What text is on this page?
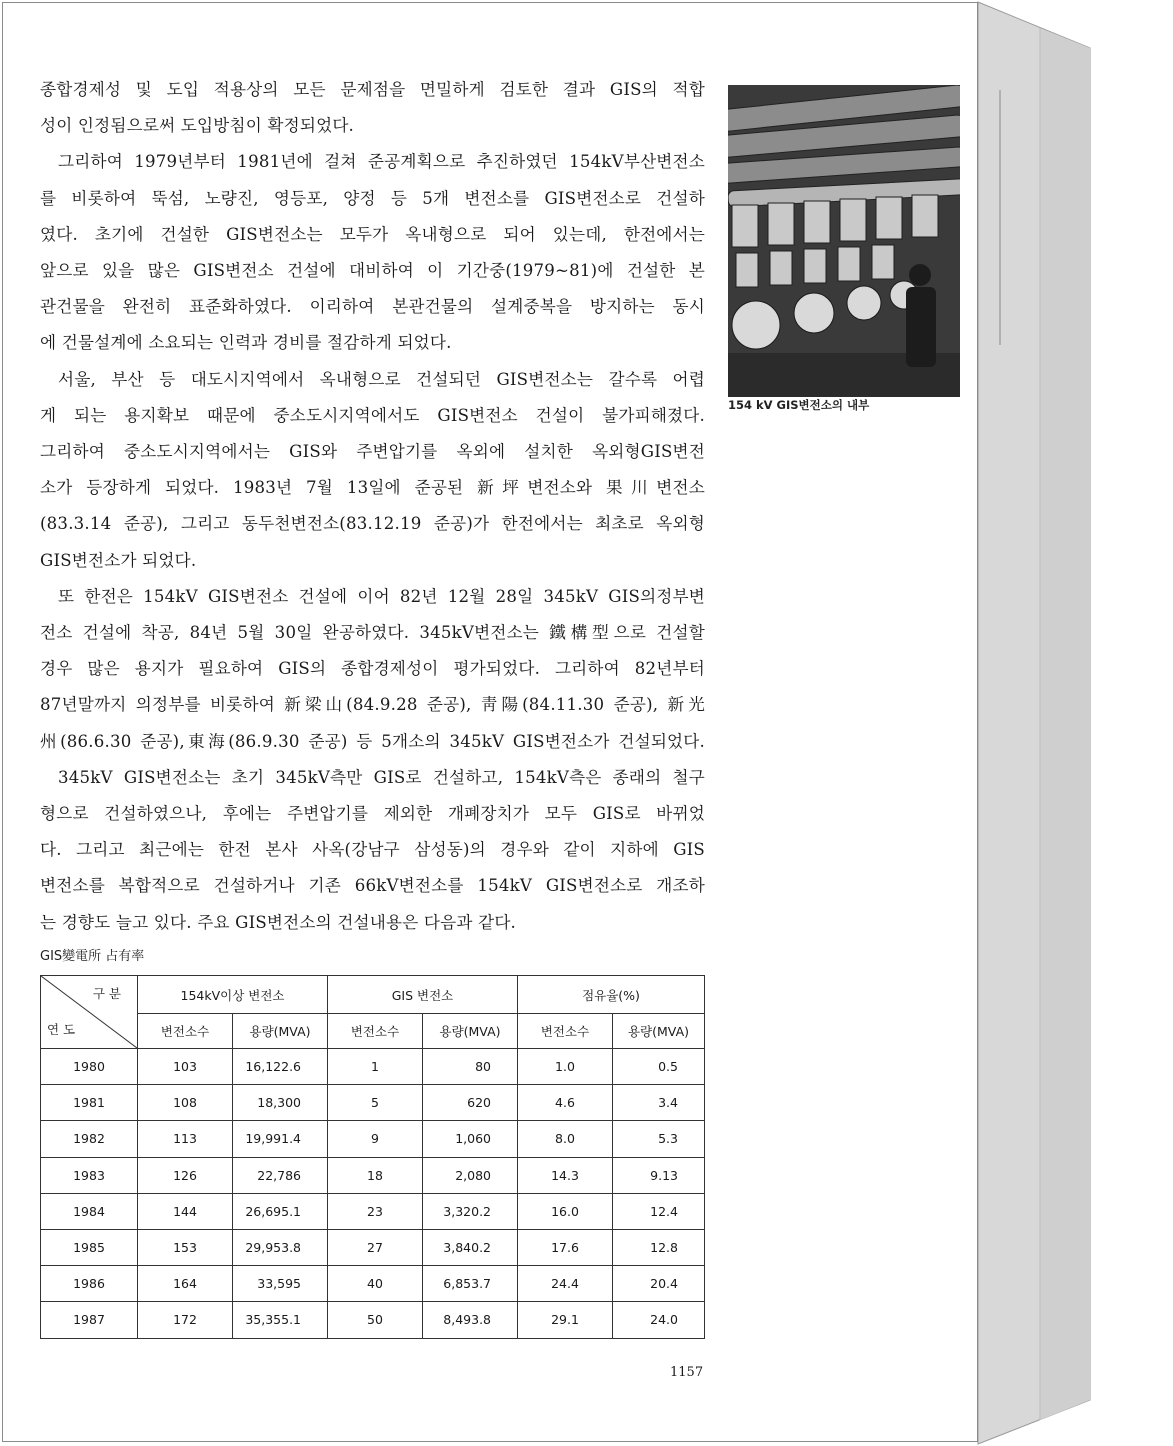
종합경제성 및 도입 적용상의 모든 문제점을 면밀하게 검토한 결과 GIS의 적합
성이 인정됨으로써 도입방침이 확정되었다.
그리하여 1979년부터 1981년에 걸쳐 준공계획으로 추진하였던 154kV부산변전소
를 비롯하여 뚝섬, 노량진, 영등포, 양정 등 5개 변전소를 GIS변전소로 건설하
였다. 초기에 건설한 GIS변전소는 모두가 옥내형으로 되어 있는데, 한전에서는
앞으로 있을 많은 GIS변전소 건설에 대비하여 이 기간중(1979~81)에 건설한 본
관건물을 완전히 표준화하였다. 이리하여 본관건물의 설계중복을 방지하는 동시
에 건물설계에 소요되는 인력과 경비를 절감하게 되었다.
서울, 부산 등 대도시지역에서 옥내형으로 건설되던 GIS변전소는 갈수록 어렵
게 되는 용지확보 때문에 중소도시지역에서도 GIS변전소 건설이 불가피해졌다.
그리하여 중소도시지역에서는 GIS와 주변압기를 옥외에 설치한 옥외형GIS변전
소가 등장하게 되었다. 1983년 7월 13일에 준공된 新坪변전소와 果川변전소
(83.3.14 준공), 그리고 동두천변전소(83.12.19 준공)가 한전에서는 최초로 옥외형
GIS변전소가 되었다.
또 한전은 154kV GIS변전소 건설에 이어 82년 12월 28일 345kV GIS의정부변
전소 건설에 착공, 84년 5월 30일 완공하였다. 345kV변전소는 鐵構型으로 건설할
경우 많은 용지가 필요하여 GIS의 종합경제성이 평가되었다. 그리하여 82년부터
87년말까지 의정부를 비롯하여 新梁山(84.9.28 준공), 靑陽(84.11.30 준공), 新光
州(86.6.30 준공),東海(86.9.30 준공) 등 5개소의 345kV GIS변전소가 건설되었다.
345kV GIS변전소는 초기 345kV측만 GIS로 건설하고, 154kV측은 종래의 철구
형으로 건설하였으나, 후에는 주변압기를 제외한 개폐장치가 모두 GIS로 바뀌었
다. 그리고 최근에는 한전 본사 사옥(강남구 삼성동)의 경우와 같이 지하에 GIS
변전소를 복합적으로 건설하거나 기존 66kV변전소를 154kV GIS변전소로 개조하
는 경향도 늘고 있다. 주요 GIS변전소의 건설내용은 다음과 같다.
154 kV GIS변전소의 내부
GIS變電所 占有率
구 분
연 도	154kV이상 변전소		GIS 변전소		점유율(%)	
	변전소수	용량(MVA)	변전소수	용량(MVA)	변전소수	용량(MVA)
1980	103	16,122.6	1	80	1.0	0.5
1981	108	18,300	5	620	4.6	3.4
1982	113	19,991.4	9	1,060	8.0	5.3
1983	126	22,786	18	2,080	14.3	9.13
1984	144	26,695.1	23	3,320.2	16.0	12.4
1985	153	29,953.8	27	3,840.2	17.6	12.8
1986	164	33,595	40	6,853.7	24.4	20.4
1987	172	35,355.1	50	8,493.8	29.1	24.0
1157
